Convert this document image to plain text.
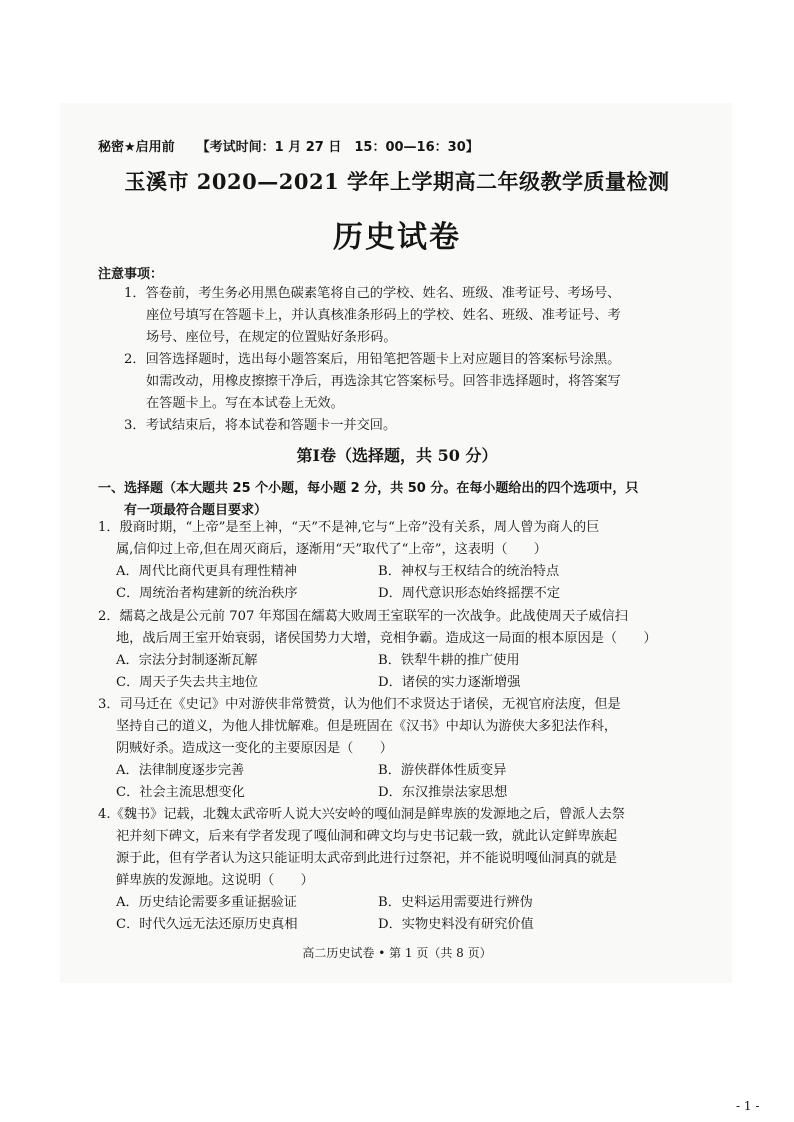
秘密★启用前 【考试时间：1 月 27 日　15：00—16：30】
玉溪市 2020—2021 学年上学期高二年级教学质量检测
历史试卷
注意事项：
1．答卷前，考生务必用黑色碳素笔将自己的学校、姓名、班级、准考证号、考场号、
座位号填写在答题卡上，并认真核准条形码上的学校、姓名、班级、准考证号、考
场号、座位号，在规定的位置贴好条形码。
2．回答选择题时，选出每小题答案后，用铅笔把答题卡上对应题目的答案标号涂黑。
如需改动，用橡皮擦擦干净后，再选涂其它答案标号。回答非选择题时，将答案写
在答题卡上。写在本试卷上无效。
3．考试结束后，将本试卷和答题卡一并交回。
第Ⅰ卷（选择题，共 50 分）
一、选择题（本大题共 25 个小题，每小题 2 分，共 50 分。在每小题给出的四个选项中，只
有一项最符合题目要求）
1．殷商时期，“上帝”是至上神，“天”不是神,它与“上帝”没有关系，周人曾为商人的巨
属,信仰过上帝,但在周灭商后，逐渐用“天”取代了“上帝”，这表明（　　）
A．周代比商代更具有理性精神	B．神权与王权结合的统治特点
C．周统治者构建新的统治秩序	D．周代意识形态始终摇摆不定
2．繻葛之战是公元前 707 年郑国在繻葛大败周王室联军的一次战争。此战使周天子威信扫
地，战后周王室开始衰弱，诸侯国势力大增，竞相争霸。造成这一局面的根本原因是（　　）
A．宗法分封制逐渐瓦解	B．铁犁牛耕的推广使用
C．周天子失去共主地位	D．诸侯的实力逐渐增强
3．司马迁在《史记》中对游侠非常赞赏，认为他们不求贤达于诸侯，无视官府法度，但是
坚持自己的道义，为他人排忧解难。但是班固在《汉书》中却认为游侠大多犯法作科，
阴贼好杀。造成这一变化的主要原因是（　　）
A．法律制度逐步完善	B．游侠群体性质变异
C．社会主流思想变化	D．东汉推崇法家思想
4.《魏书》记载，北魏太武帝听人说大兴安岭的嘎仙洞是鲜卑族的发源地之后，曾派人去祭
祀并刻下碑文，后来有学者发现了嘎仙洞和碑文均与史书记载一致，就此认定鲜卑族起
源于此，但有学者认为这只能证明太武帝到此进行过祭祀，并不能说明嘎仙洞真的就是
鲜卑族的发源地。这说明（　　）
A．历史结论需要多重证据验证	B．史料运用需要进行辨伪
C．时代久远无法还原历史真相	D．实物史料没有研究价值
高二历史试卷 • 第 1 页（共 8 页）
- 1 -
